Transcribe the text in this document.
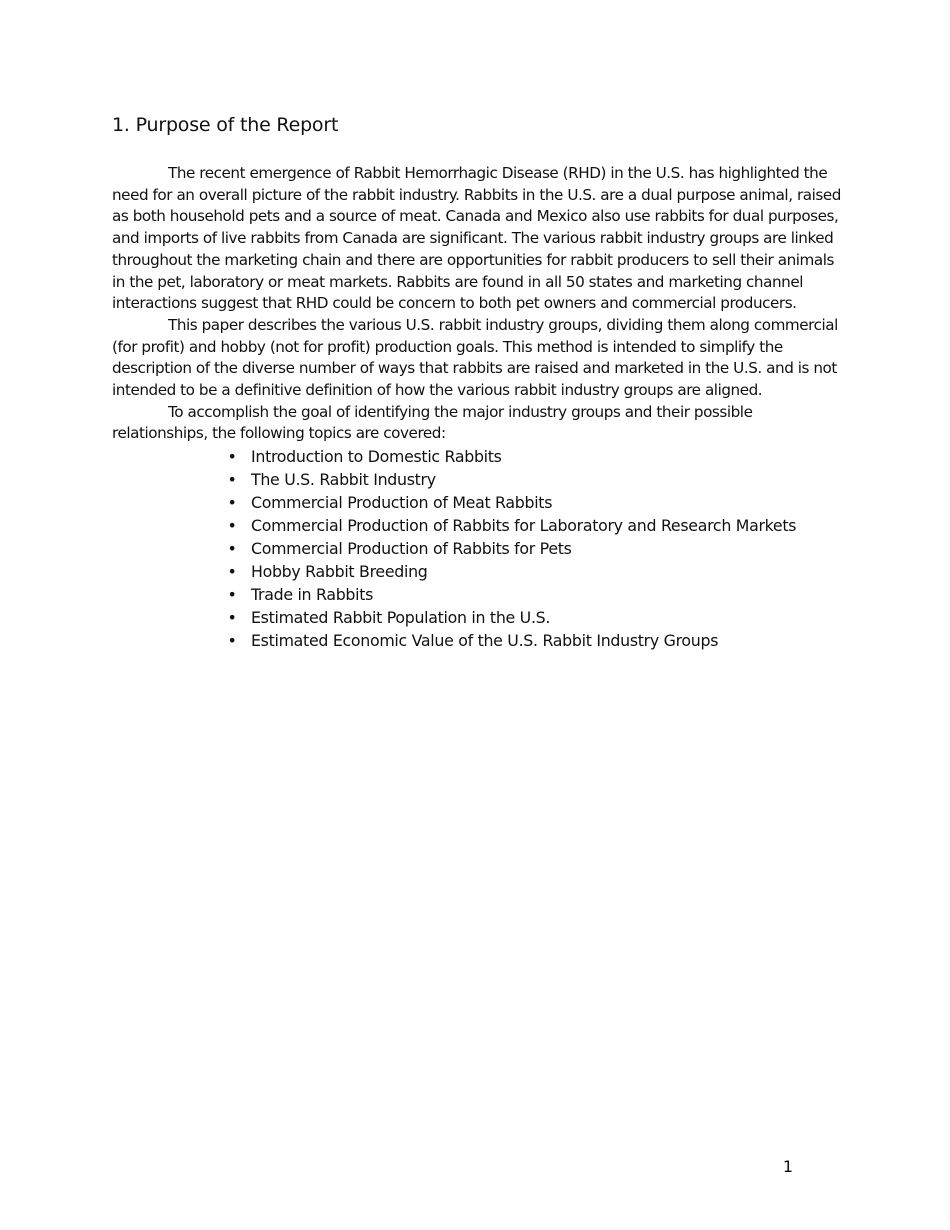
1. Purpose of the Report

The recent emergence of Rabbit Hemorrhagic Disease (RHD) in the U.S. has highlighted the need for an overall picture of the rabbit industry. Rabbits in the U.S. are a dual purpose animal, raised as both household pets and a source of meat. Canada and Mexico also use rabbits for dual purposes, and imports of live rabbits from Canada are significant. The various rabbit industry groups are linked throughout the marketing chain and there are opportunities for rabbit producers to sell their animals in the pet, laboratory or meat markets. Rabbits are found in all 50 states and marketing channel interactions suggest that RHD could be concern to both pet owners and commercial producers.

This paper describes the various U.S. rabbit industry groups, dividing them along commercial (for profit) and hobby (not for profit) production goals. This method is intended to simplify the description of the diverse number of ways that rabbits are raised and marketed in the U.S. and is not intended to be a definitive definition of how the various rabbit industry groups are aligned.

To accomplish the goal of identifying the major industry groups and their possible relationships, the following topics are covered:

• Introduction to Domestic Rabbits
• The U.S. Rabbit Industry
• Commercial Production of Meat Rabbits
• Commercial Production of Rabbits for Laboratory and Research Markets
• Commercial Production of Rabbits for Pets
• Hobby Rabbit Breeding
• Trade in Rabbits
• Estimated Rabbit Population in the U.S.
• Estimated Economic Value of the U.S. Rabbit Industry Groups
1
